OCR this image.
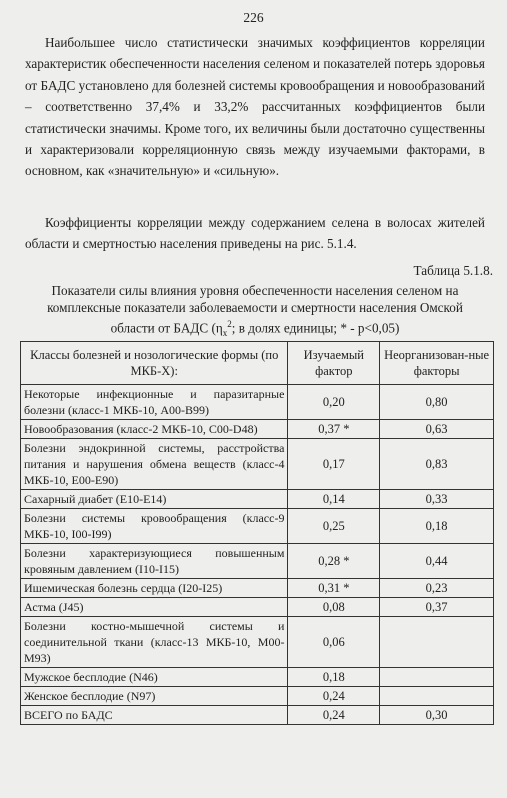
226

Наибольшее число статистически значимых коэффициентов корреляции характеристик обеспеченности населения селеном и показателей потерь здоровья от БАДС установлено для болезней системы кровообращения и новообразований – соответственно 37,4% и 33,2% рассчитанных коэффициентов были статистически значимы. Кроме того, их величины были достаточно существенны и характеризовали корреляционную связь между изучаемыми факторами, в основном, как «значительную» и «сильную».

Коэффициенты корреляции между содержанием селена в волосах жителей области и смертностью населения приведены на рис. 5.1.4.

Таблица 5.1.8.
Показатели силы влияния уровня обеспеченности населения селеном на комплексные показатели заболеваемости и смертности населения Омской области от БАДС ($\eta_x^2$; в долях единицы; * - p<0,05)
Классы болезней и нозологические формы (по МКБ-X):	Изучаемый фактор	Неорганизован-ные факторы
Некоторые инфекционные и паразитарные болезни (класс-1 МКБ-10, А00-В99)	0,20	0,80
Новообразования (класс-2 МКБ-10, С00-D48)	0,37 *	0,63
Болезни эндокринной системы, расстройства питания и нарушения обмена веществ (класс-4 МКБ-10, Е00-Е90)	0,17	0,83
Сахарный диабет (Е10-Е14)	0,14	0,33
Болезни системы кровообращения (класс-9 МКБ-10, I00-I99)	0,25	0,18
Болезни характеризующиеся повышенным кровяным давлением (I10-I15)	0,28 *	0,44
Ишемическая болезнь сердца (I20-I25)	0,31 *	0,23
Астма (J45)	0,08	0,37
Болезни костно-мышечной системы и соединительной ткани (класс-13 МКБ-10, М00-М93)	0,06	
Мужское бесплодие (N46)	0,18	
Женское бесплодие (N97)	0,24	
ВСЕГО по БАДС	0,24	0,30
